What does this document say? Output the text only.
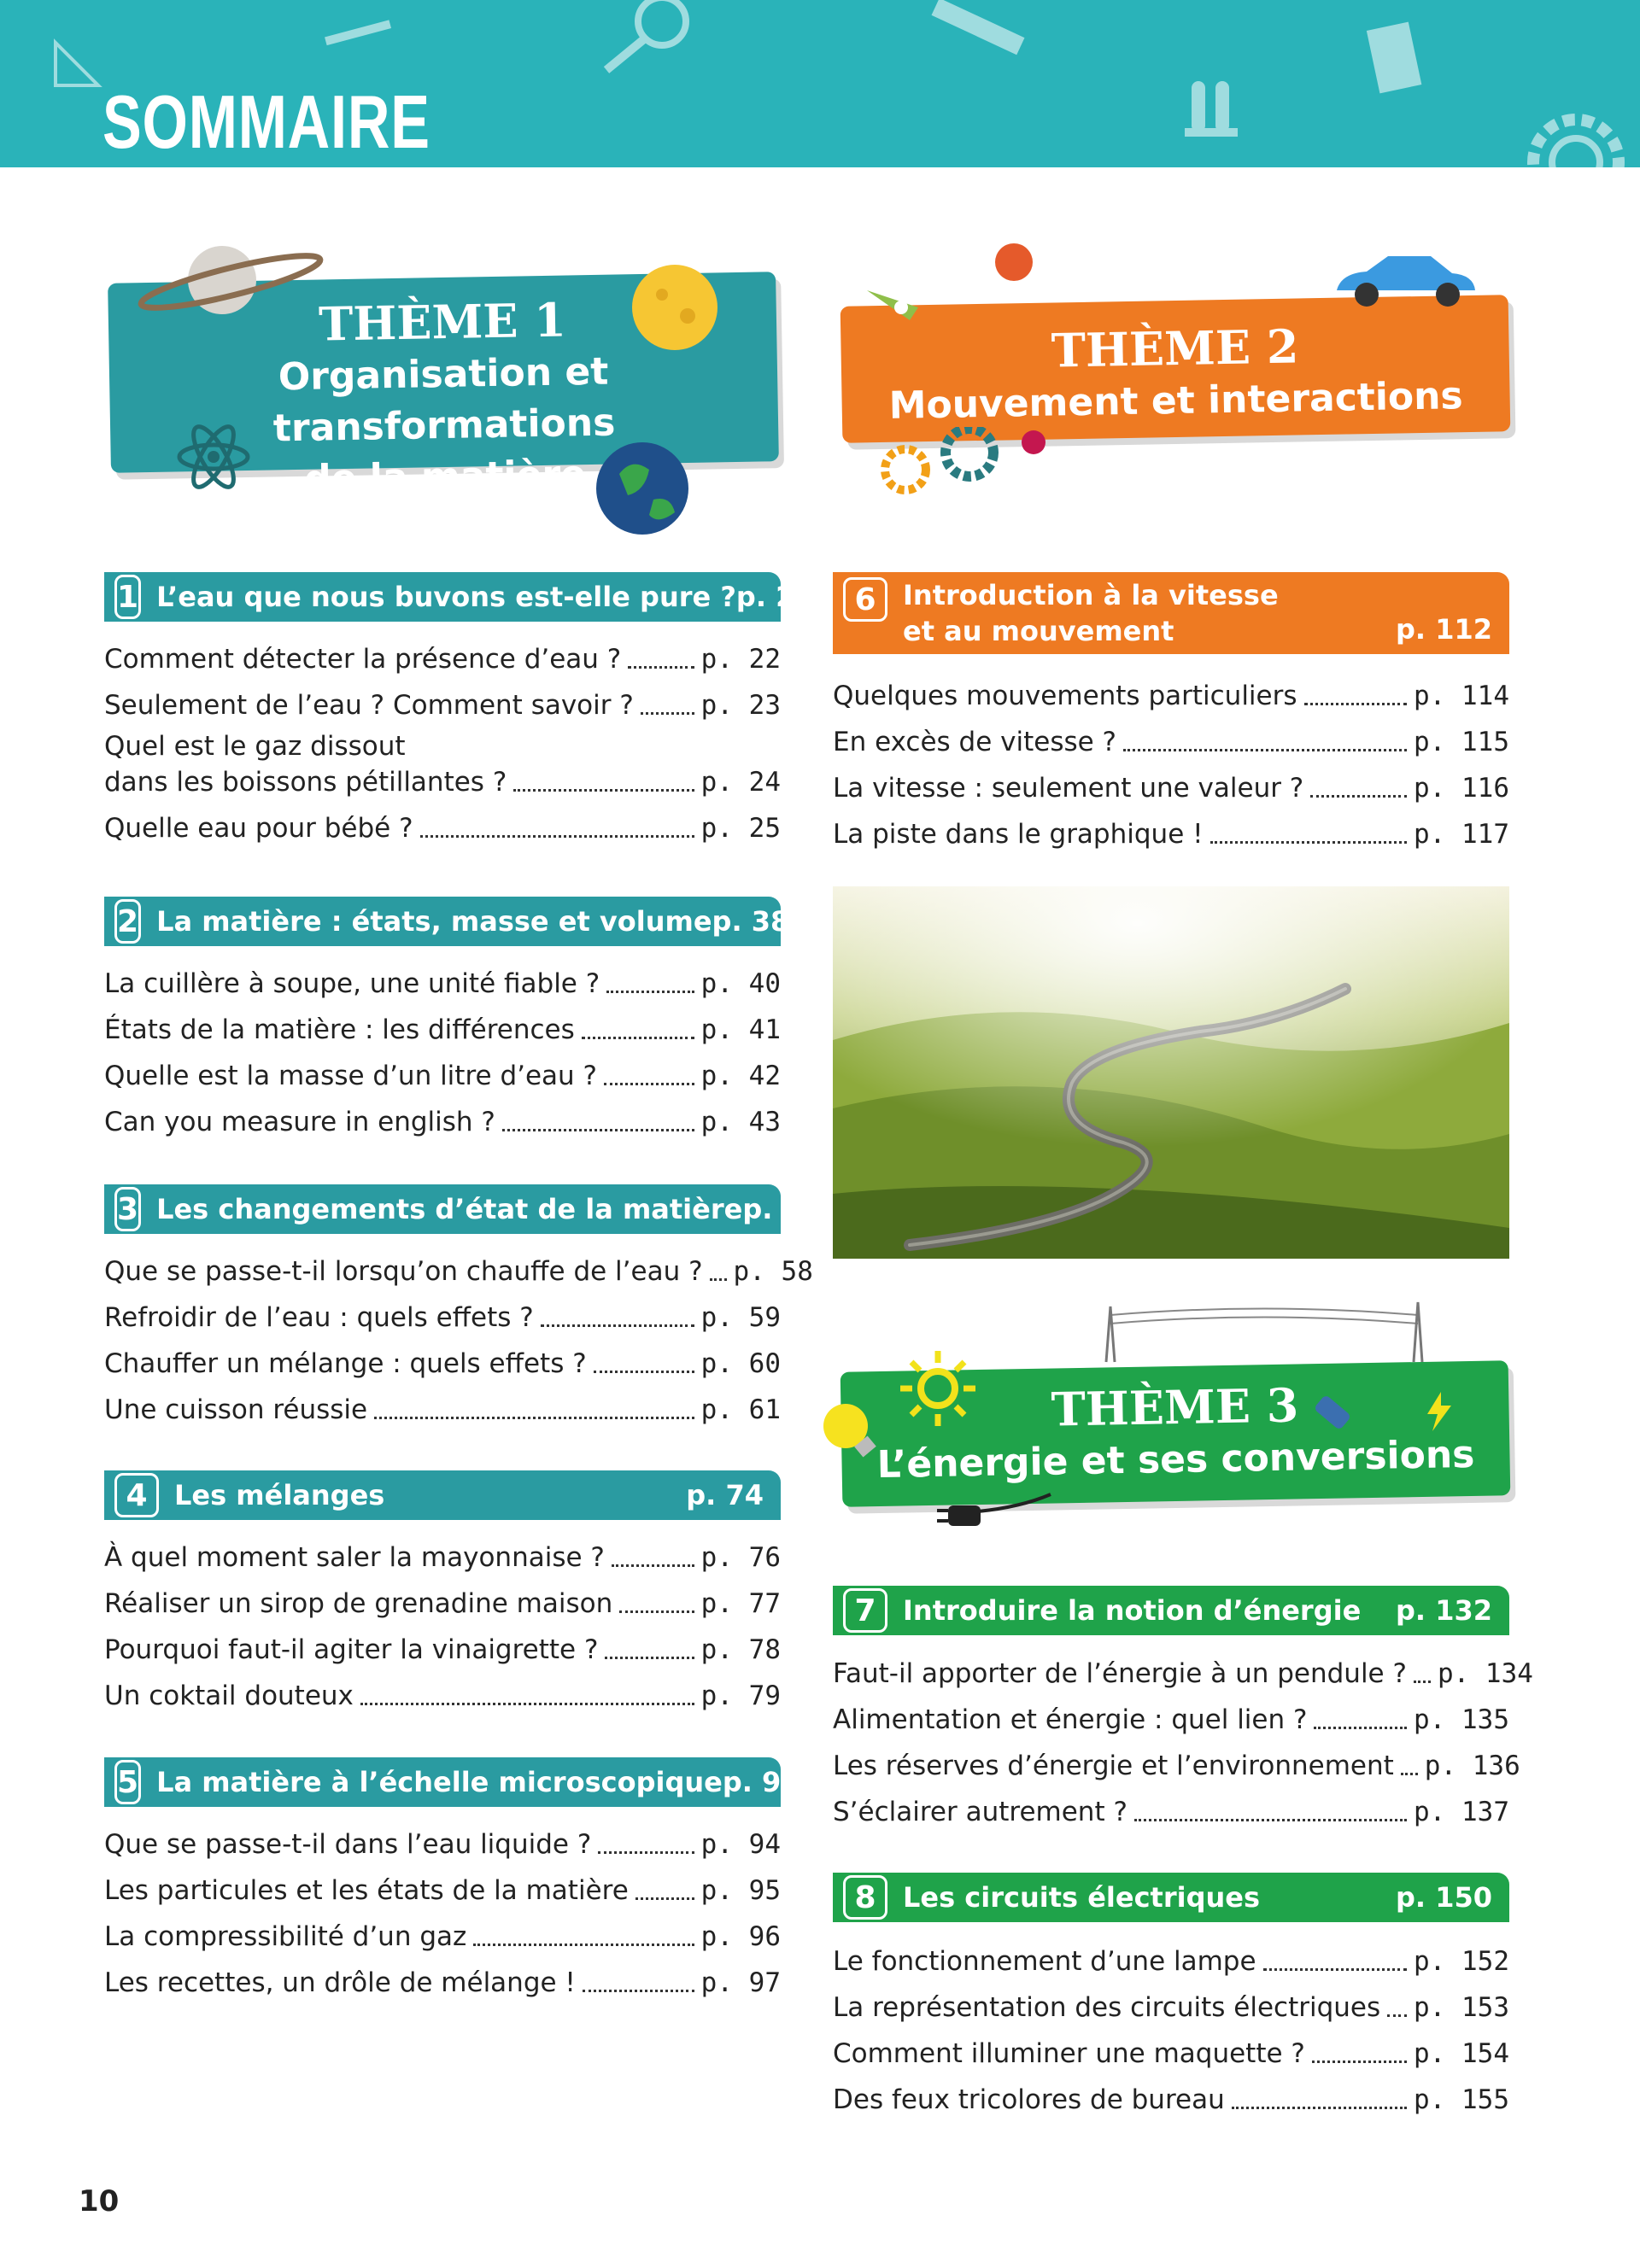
SOMMAIRE
THÈME 1
Organisation et transformations
de la matière
THÈME 2
Mouvement et interactions
THÈME 3
L’énergie et ses conversions
1 L’eau que nous buvons est-elle pure ? p. 20
Comment détecter la présence d’eau ?	p. 22
Seulement de l’eau ? Comment savoir ?	p. 23
Quel est le gaz dissout
dans les boissons pétillantes ?	p. 24
Quelle eau pour bébé ?	p. 25
2 La matière : états, masse et volume p. 38
La cuillère à soupe, une unité fiable ?	p. 40
États de la matière : les différences	p. 41
Quelle est la masse d’un litre d’eau ?	p. 42
Can you measure in english ?	p. 43
3 Les changements d’état de la matière p. 56
Que se passe-t-il lorsqu’on chauffe de l’eau ? p. 58
Refroidir de l’eau : quels effets ?	p. 59
Chauffer un mélange : quels effets ?	p. 60
Une cuisson réussie	p. 61
4 Les mélanges	p. 74
À quel moment saler la mayonnaise ?	p. 76
Réaliser un sirop de grenadine maison	p. 77
Pourquoi faut-il agiter la vinaigrette ?	p. 78
Un coktail douteux	p. 79
5 La matière à l’échelle microscopique p. 92
Que se passe-t-il dans l’eau liquide ?	p. 94
Les particules et les états de la matière	p. 95
La compressibilité d’un gaz	p. 96
Les recettes, un drôle de mélange !	p. 97
6 Introduction à la vitesse
et au mouvement	p. 112
Quelques mouvements particuliers	p. 114
En excès de vitesse ?	p. 115
La vitesse : seulement une valeur ?	p. 116
La piste dans le graphique !	p. 117
7 Introduire la notion d’énergie	p. 132
Faut-il apporter de l’énergie à un pendule ? p. 134
Alimentation et énergie : quel lien ?	p. 135
Les réserves d’énergie et l’environnement p. 136
S’éclairer autrement ?	p. 137
8 Les circuits électriques	p. 150
Le fonctionnement d’une lampe	p. 152
La représentation des circuits électriques p. 153
Comment illuminer une maquette ?	p. 154
Des feux tricolores de bureau	p. 155
10
